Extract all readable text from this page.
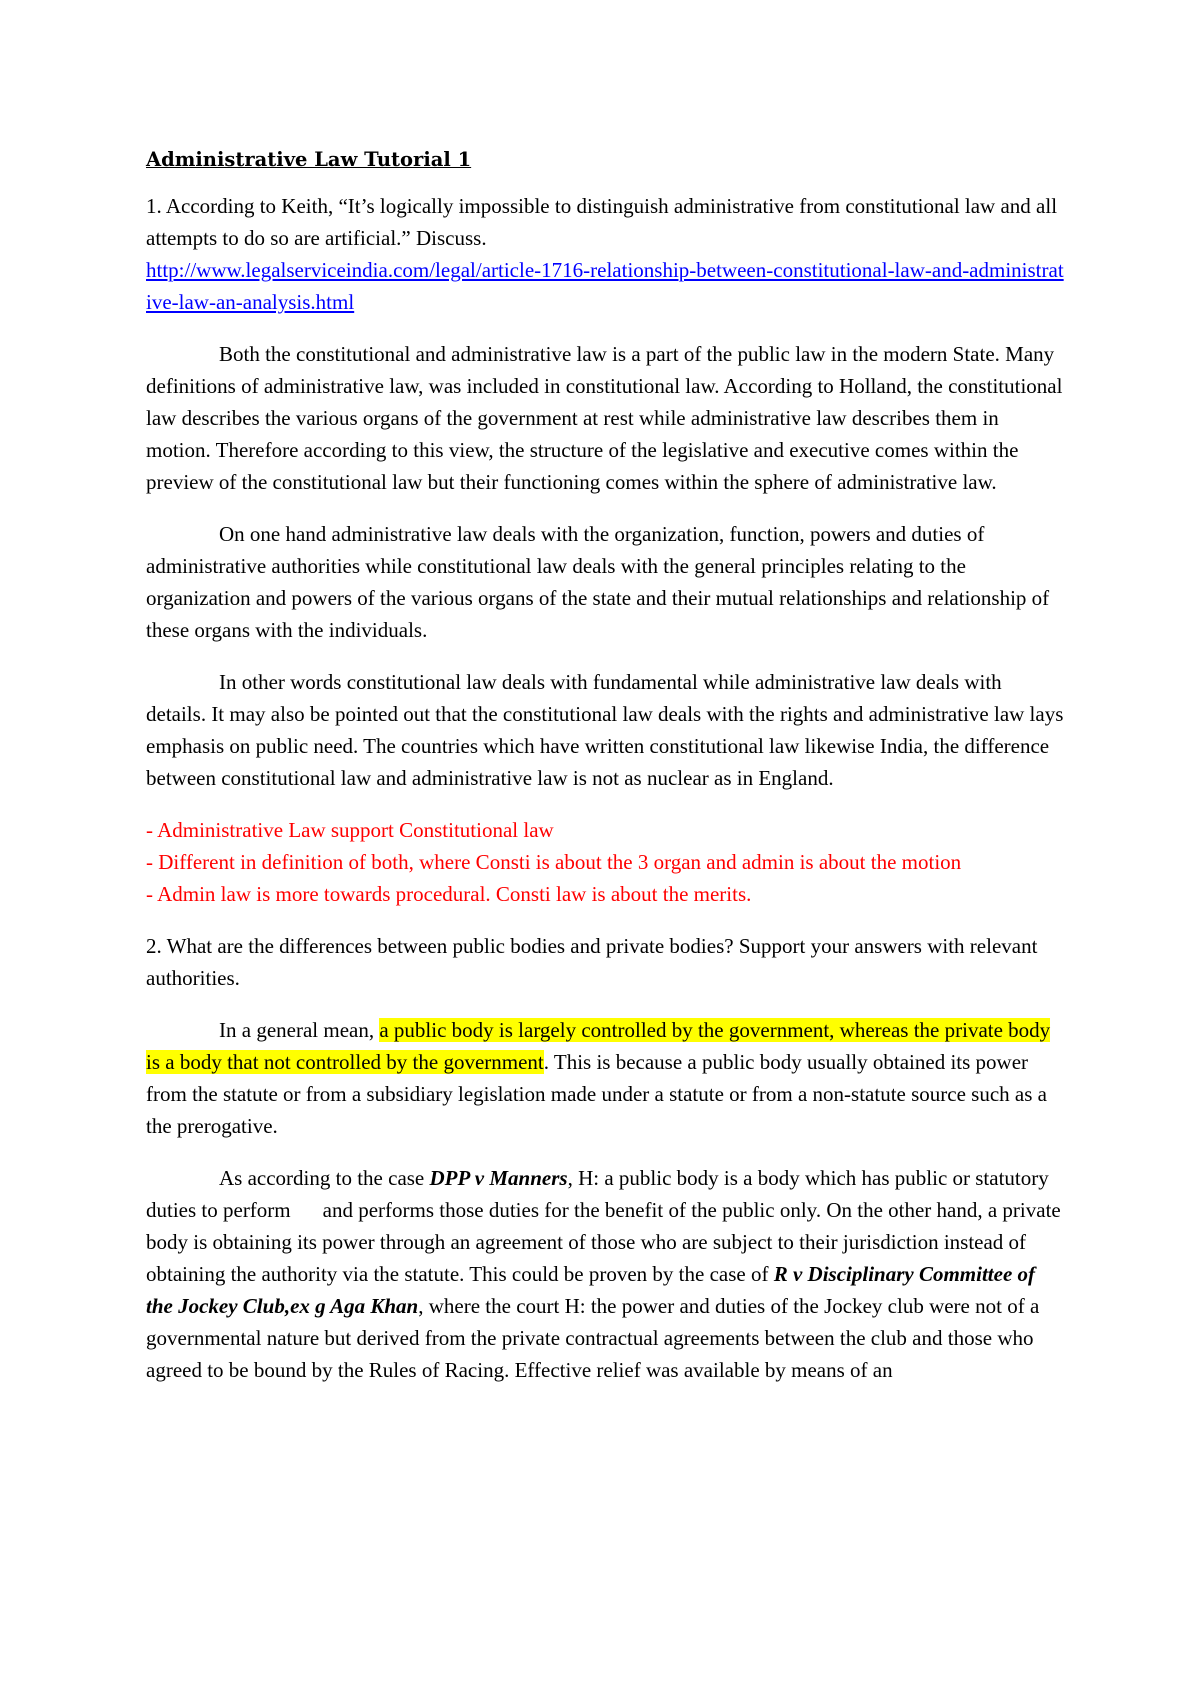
Administrative Law Tutorial 1

1. According to Keith, “It’s logically impossible to distinguish administrative from constitutional law and all attempts to do so are artificial.” Discuss.
http://www.legalserviceindia.com/legal/article-1716-relationship-between-constitutional-law-and-administrative-law-an-analysis.html

Both the constitutional and administrative law is a part of the public law in the modern State. Many definitions of administrative law, was included in constitutional law. According to Holland, the constitutional law describes the various organs of the government at rest while administrative law describes them in motion. Therefore according to this view, the structure of the legislative and executive comes within the preview of the constitutional law but their functioning comes within the sphere of administrative law.

On one hand administrative law deals with the organization, function, powers and duties of administrative authorities while constitutional law deals with the general principles relating to the organization and powers of the various organs of the state and their mutual relationships and relationship of these organs with the individuals.

In other words constitutional law deals with fundamental while administrative law deals with details. It may also be pointed out that the constitutional law deals with the rights and administrative law lays emphasis on public need. The countries which have written constitutional law likewise India, the difference between constitutional law and administrative law is not as nuclear as in England.

- Administrative Law support Constitutional law
- Different in definition of both, where Consti is about the 3 organ and admin is about the motion
- Admin law is more towards procedural. Consti law is about the merits.

2. What are the differences between public bodies and private bodies? Support your answers with relevant authorities.

In a general mean, a public body is largely controlled by the government, whereas the private body is a body that not controlled by the government. This is because a public body usually obtained its power from the statute or from a subsidiary legislation made under a statute or from a non-statute source such as a the prerogative.

As according to the case DPP v Manners, H: a public body is a body which has public or statutory duties to perform and performs those duties for the benefit of the public only. On the other hand, a private body is obtaining its power through an agreement of those who are subject to their jurisdiction instead of obtaining the authority via the statute. This could be proven by the case of R v Disciplinary Committee of the Jockey Club,ex g Aga Khan, where the court H: the power and duties of the Jockey club were not of a governmental nature but derived from the private contractual agreements between the club and those who agreed to be bound by the Rules of Racing. Effective relief was available by means of an
